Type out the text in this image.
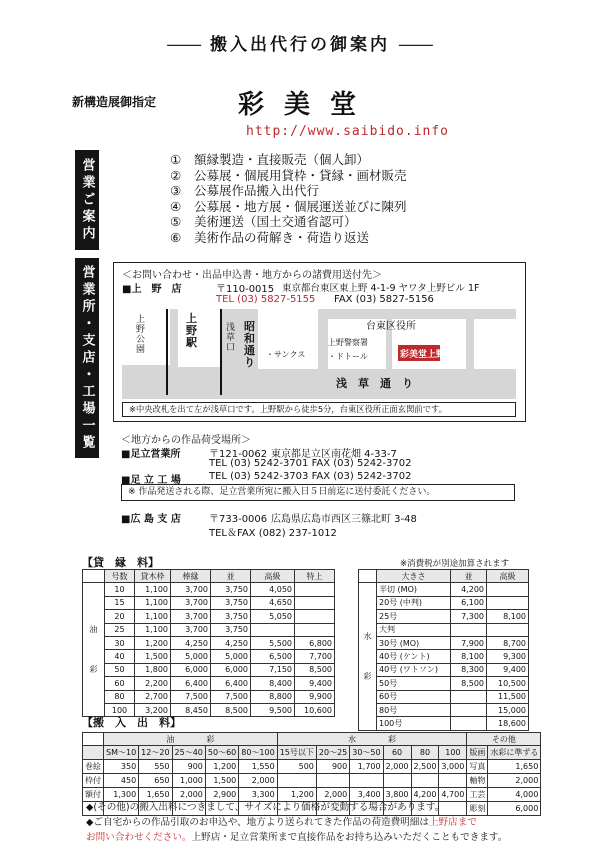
―― 搬入出代行の御案内 ――
新構造展御指定	彩美堂
http://www.saibido.info
営業ご案内
営業所・支店・工場一覧
① 額縁製造・直接販売（個人卸）
② 公募展・個展用貸枠・貸縁・画材販売
③ 公募展作品搬入出代行
④ 公募展・地方展・個展運送並びに陳列
⑤ 美術運送（国土交通省認可）
⑥ 美術作品の荷解き・荷造り返送
＜お問い合わせ・出品申込書・地方からの諸費用送付先＞
■上　野　店	〒110-0015 東京都台東区東上野 4-1-9 ヤワタ上野ビル 1F
TEL (03) 5827-5155 FAX (03) 5827-5156
上野公園
上野駅
浅草口
昭和通り
台東区役所
上野警察署
・サンクス	・ドトール	彩美堂上野店
浅　草　通　り
※中央改札を出て左が浅草口です。上野駅から徒歩5分，台東区役所正面玄関前です。
＜地方からの作品荷受場所＞
■足立営業所	〒121-0062 東京都足立区南花畑 4-33-7
TEL (03) 5242-3701 FAX (03) 5242-3702
■足 立 工 場	TEL (03) 5242-3703 FAX (03) 5242-3702
※ 作品発送される際、足立営業所宛に搬入日５日前迄に送付委託ください。
■広 島 支 店	〒733-0006 広島県広島市西区三篠北町 3-48
TEL＆FAX (082) 237-1012
【貸　縁　料】	※消費税が別途加算されます
	号数	貸木枠	棒縁	並	高級	特上

油
彩	10	1,100	3,700	3,750	4,050	
	15	1,100	3,700	3,750	4,650	
	20	1,100	3,700	3,750	5,050	
	25	1,100	3,700	3,750		
	30	1,200	4,250	4,250	5,500	6,800
	40	1,500	5,000	5,000	6,500	7,700
	50	1,800	6,000	6,000	7,150	8,500
	60	2,200	6,400	6,400	8,400	9,400
	80	2,700	7,500	7,500	8,800	9,900
	100	3,200	8,450	8,500	9,500	10,600
	大きさ	並	高級

水
彩	半切 (MO)	4,200	
	20号 (中判)	6,100	
	25号	7,300	8,100
	大判		
	30号 (MO)	7,900	8,700
	40号 (ケント)	8,100	9,300
	40号 (ワトソン)	8,300	9,400
	50号	8,500	10,500
	60号		11,500
	80号		15,000
	100号		18,600
【搬　入　出　料】
	油　　　　彩					水　　　　彩						その他	
	SM〜10	12〜20	25〜40	50〜60	80〜100	15号以下	20〜25	30〜50	60	80	100	版画	水彩に準ずる
巻絵	350	550	900	1,200	1,550	500	900	1,700	2,000	2,500	3,000	写真	1,650
枠付	450	650	1,000	1,500	2,000							軸物	2,000
額付	1,300	1,650	2,000	2,900	3,300	1,200	2,000	3,400	3,800	4,200	4,700	工芸	4,000
												彫刻	6,000
◆(その他)の搬入出料につきまして、サイズにより価格が変動する場合があります。
◆ご自宅からの作品引取のお申込や、地方より送られてきた作品の荷造費明細は上野店まで
お問い合わせください。上野店・足立営業所まで直接作品をお持ち込みいただくこともできます。
